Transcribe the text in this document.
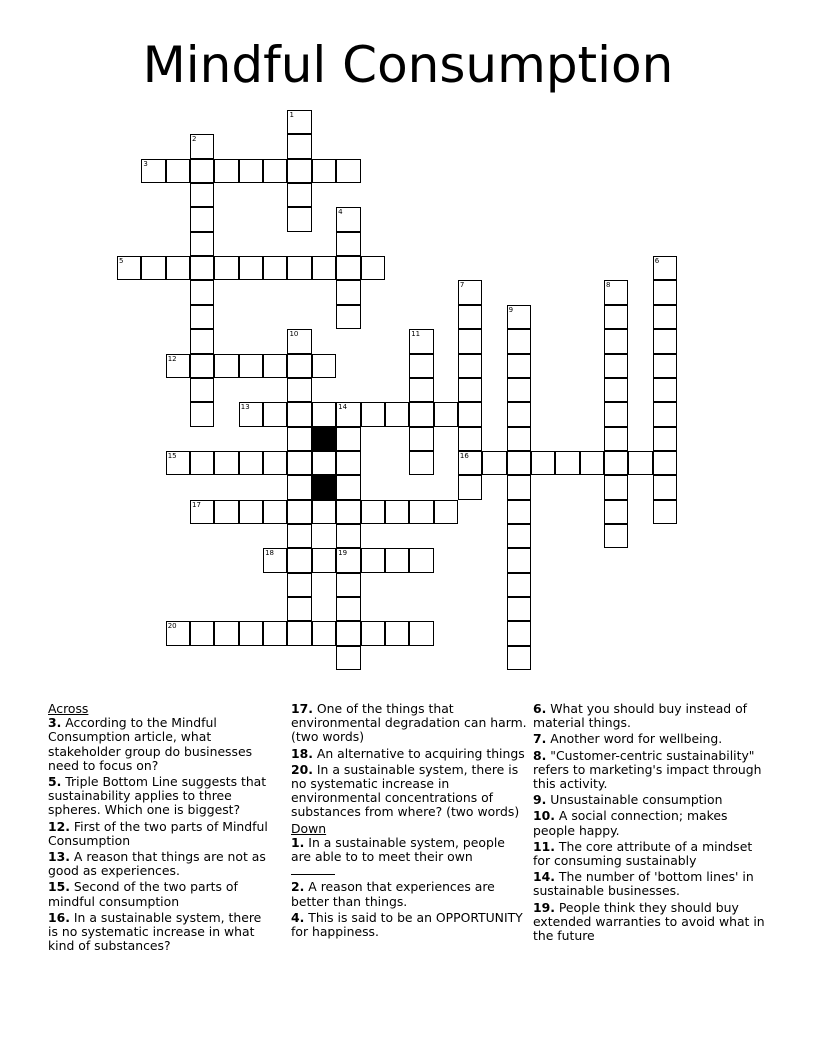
Mindful Consumption
3
5
12
13	14
15	16
17
18	19
20
1
2
4
6
7	8
9
10	11
Across
3. According to the Mindful Consumption article, what stakeholder group do businesses need to focus on?
5. Triple Bottom Line suggests that sustainability applies to three spheres. Which one is biggest?
12. First of the two parts of Mindful Consumption
13. A reason that things are not as good as experiences.
15. Second of the two parts of mindful consumption
16. In a sustainable system, there is no systematic increase in what kind of substances?
17. One of the things that environmental degradation can harm. (two words)
18. An alternative to acquiring things
20. In a sustainable system, there is no systematic increase in environmental concentrations of substances from where? (two words)
Down
1. In a sustainable system, people are able to to meet their own

2. A reason that experiences are better than things.
4. This is said to be an OPPORTUNITY for happiness.
6. What you should buy instead of material things.
7. Another word for wellbeing.
8. "Customer-centric sustainability" refers to marketing's impact through this activity.
9. Unsustainable consumption
10. A social connection; makes people happy.
11. The core attribute of a mindset for consuming sustainably
14. The number of 'bottom lines' in sustainable businesses.
19. People think they should buy extended warranties to avoid what in the future
